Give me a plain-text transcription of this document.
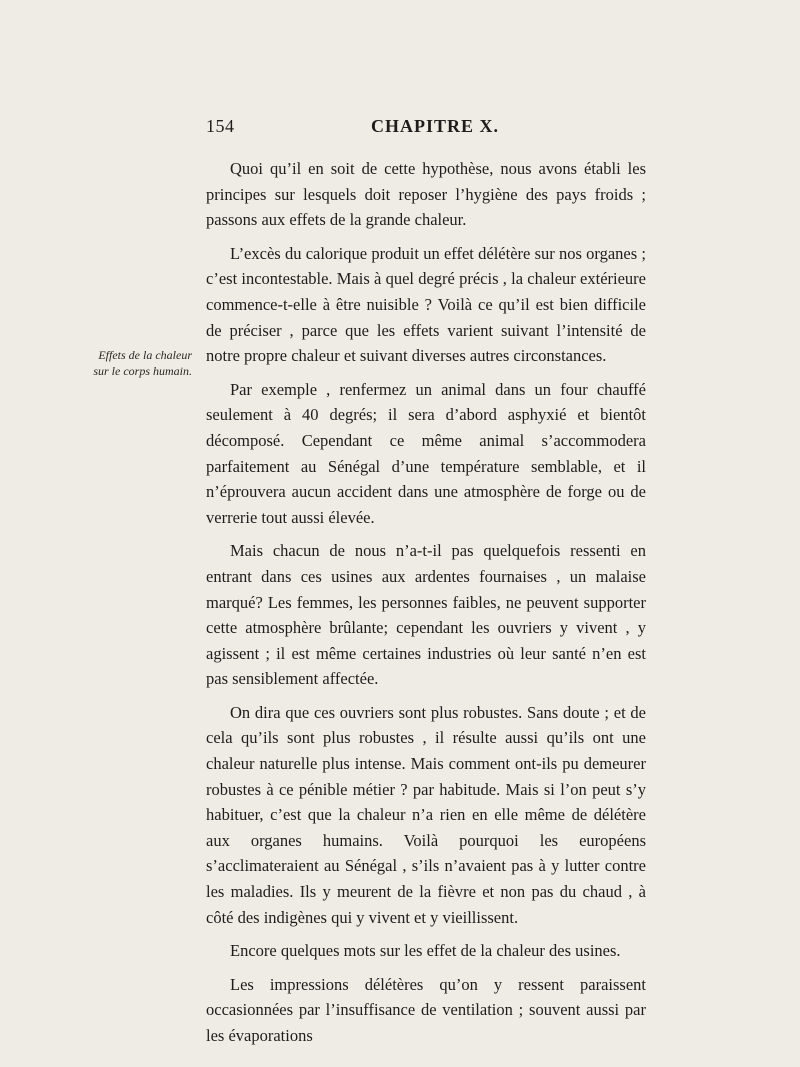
154	CHAPITRE X.
Effets de la chaleur
sur le corps humain.

Quoi qu’il en soit de cette hypothèse, nous avons établi les principes sur lesquels doit reposer l’hygiène des pays froids ; passons aux effets de la grande chaleur.

L’excès du calorique produit un effet délétère sur nos organes ; c’est incontestable. Mais à quel degré précis , la chaleur extérieure commence-t-elle à être nuisible ? Voilà ce qu’il est bien difficile de préciser , parce que les effets varient suivant l’intensité de notre propre chaleur et suivant diverses autres circonstances.

Par exemple , renfermez un animal dans un four chauffé seulement à 40 degrés; il sera d’abord asphyxié et bientôt décomposé. Cependant ce même animal s’accommodera parfaitement au Sénégal d’une température semblable, et il n’éprouvera aucun accident dans une atmosphère de forge ou de verrerie tout aussi élevée.

Mais chacun de nous n’a-t-il pas quelquefois ressenti en entrant dans ces usines aux ardentes fournaises , un malaise marqué? Les femmes, les personnes faibles, ne peuvent supporter cette atmosphère brûlante; cependant les ouvriers y vivent , y agissent ; il est même certaines industries où leur santé n’en est pas sensiblement affectée.

On dira que ces ouvriers sont plus robustes. Sans doute ; et de cela qu’ils sont plus robustes , il résulte aussi qu’ils ont une chaleur naturelle plus intense. Mais comment ont-ils pu demeurer robustes à ce pénible métier ? par habitude. Mais si l’on peut s’y habituer, c’est que la chaleur n’a rien en elle même de délétère aux organes humains. Voilà pourquoi les européens s’acclimateraient au Sénégal , s’ils n’avaient pas à y lutter contre les maladies. Ils y meurent de la fièvre et non pas du chaud , à côté des indigènes qui y vivent et y vieillissent.

Encore quelques mots sur les effet de la chaleur des usines.

Les impressions délétères qu’on y ressent paraissent occasionnées par l’insuffisance de ventilation ; souvent aussi par les évaporations
